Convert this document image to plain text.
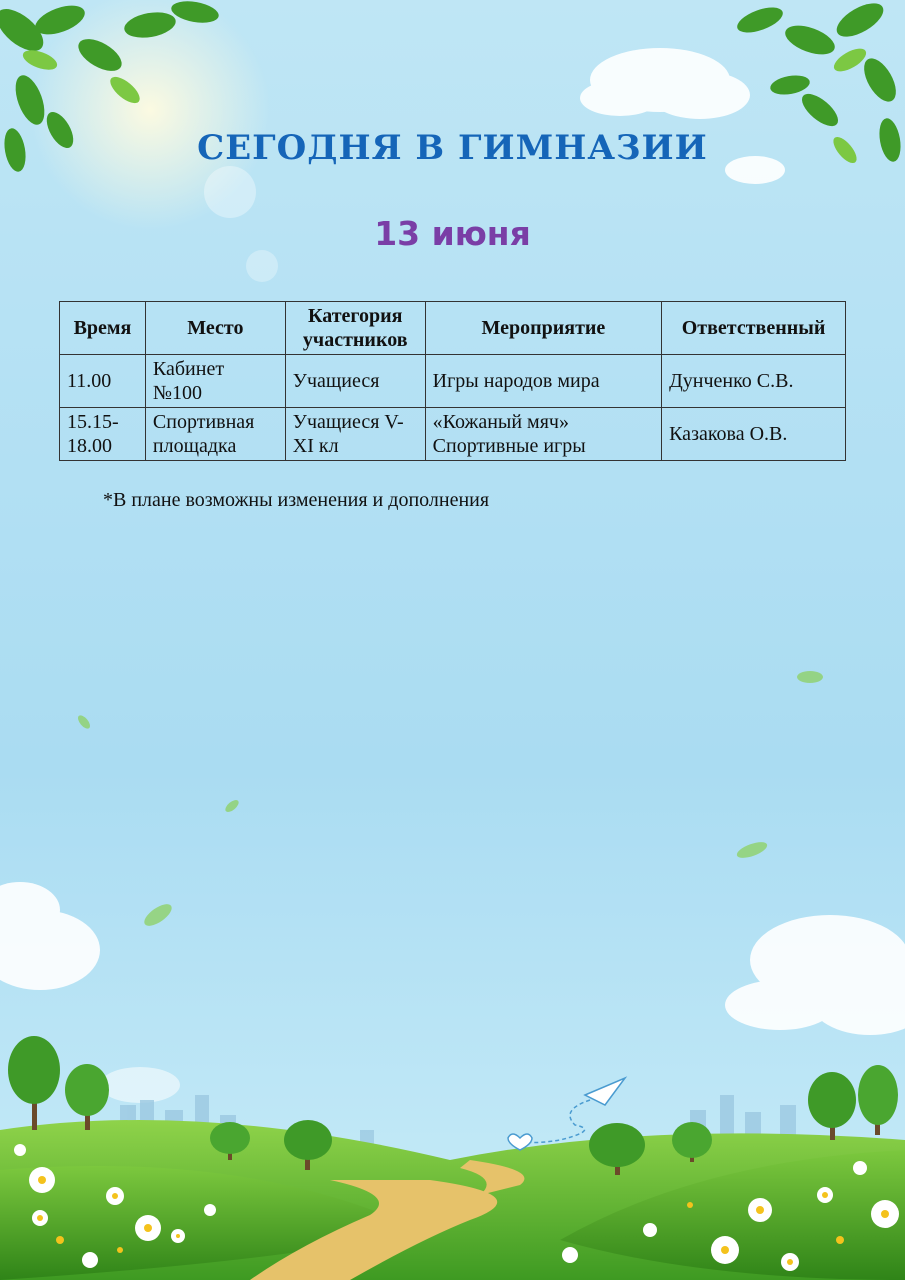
СЕГОДНЯ В ГИМНАЗИИ
13 июня
Время	Место	Категория участников	Мероприятие	Ответственный
11.00	Кабинет №100	Учащиеся	Игры народов мира	Дунченко С.В.
15.15-18.00	Спортивная площадка	Учащиеся V-XI кл	«Кожаный мяч» Спортивные игры	Казакова О.В.
*В плане возможны изменения и дополнения
